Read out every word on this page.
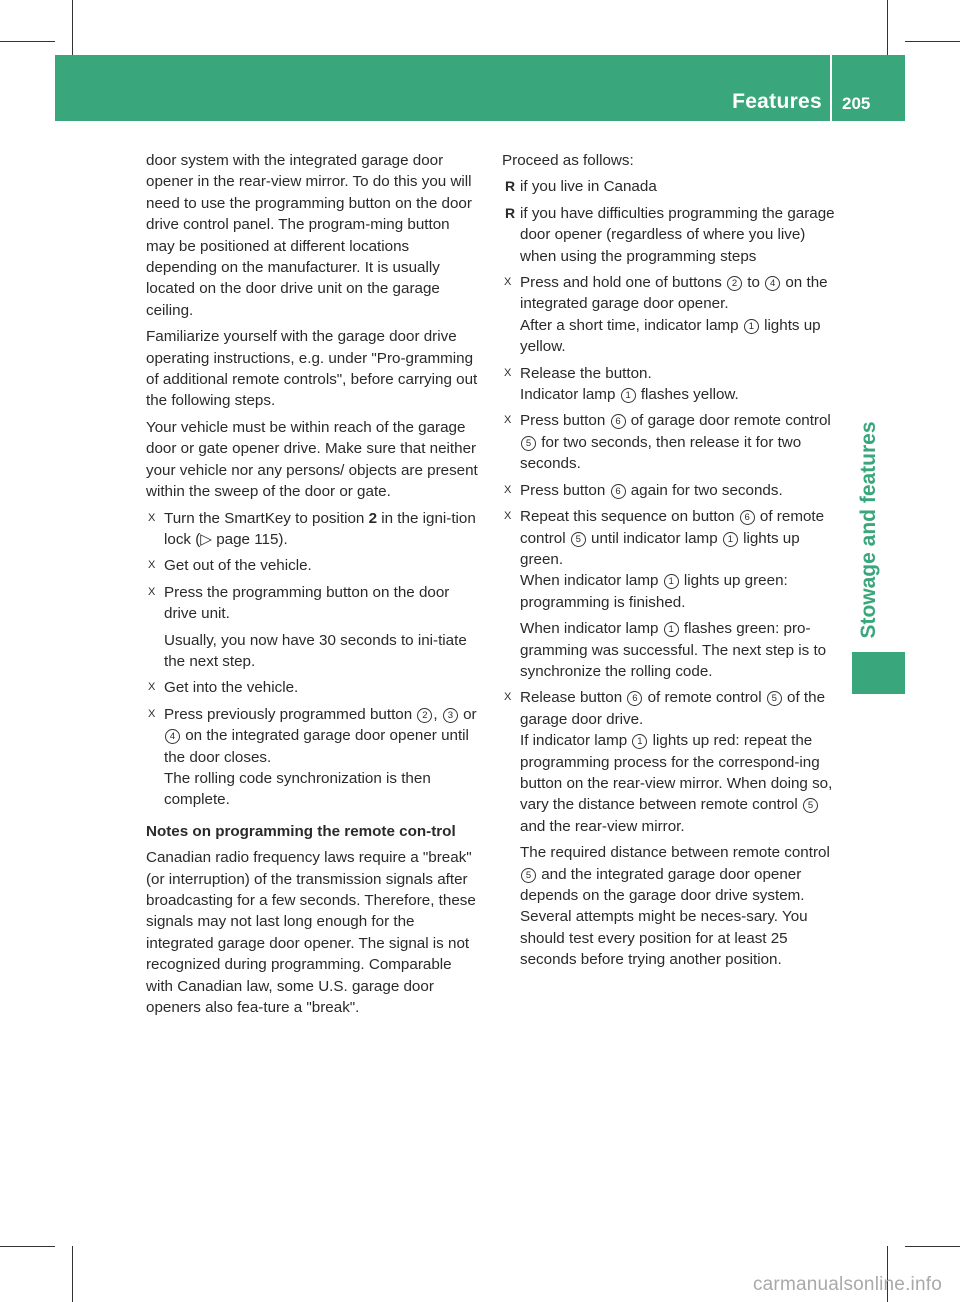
Features 205
Stowage and features

door system with the integrated garage door opener in the rear-view mirror. To do this you will need to use the programming button on the door drive control panel. The program-ming button may be positioned at different locations depending on the manufacturer. It is usually located on the door drive unit on the garage ceiling.

Familiarize yourself with the garage door drive operating instructions, e.g. under "Pro-gramming of additional remote controls", before carrying out the following steps.

Your vehicle must be within reach of the garage door or gate opener drive. Make sure that neither your vehicle nor any persons/ objects are present within the sweep of the door or gate.

X Turn the SmartKey to position 2 in the igni-tion lock (▷ page 115).
X Get out of the vehicle.
X Press the programming button on the door drive unit.
Usually, you now have 30 seconds to ini-tiate the next step.
X Get into the vehicle.
X Press previously programmed button 2 , 3 or 4 on the integrated garage door opener until the door closes.
The rolling code synchronization is then complete.
Notes on programming the remote con-trol

Canadian radio frequency laws require a "break" (or interruption) of the transmission signals after broadcasting for a few seconds. Therefore, these signals may not last long enough for the integrated garage door opener. The signal is not recognized during programming. Comparable with Canadian law, some U.S. garage door openers also fea-ture a "break".

Proceed as follows:

R if you live in Canada
R if you have difficulties programming the garage door opener (regardless of where you live) when using the programming steps
X Press and hold one of buttons 2 to 4 on the integrated garage door opener.
After a short time, indicator lamp 1 lights up yellow.
X Release the button.
Indicator lamp 1 flashes yellow.
X Press button 6 of garage door remote control 5 for two seconds, then release it for two seconds.
X Press button 6 again for two seconds.
X Repeat this sequence on button 6 of remote control 5 until indicator lamp 1 lights up green.
When indicator lamp 1 lights up green: programming is finished.
When indicator lamp 1 flashes green: pro-gramming was successful. The next step is to synchronize the rolling code.
X Release button 6 of remote control 5 of the garage door drive.
If indicator lamp 1 lights up red: repeat the programming process for the correspond-ing button on the rear-view mirror. When doing so, vary the distance between remote control 5 and the rear-view mirror.
The required distance between remote control 5 and the integrated garage door opener depends on the garage door drive system. Several attempts might be neces-sary. You should test every position for at least 25 seconds before trying another position.
carmanualsonline.info
